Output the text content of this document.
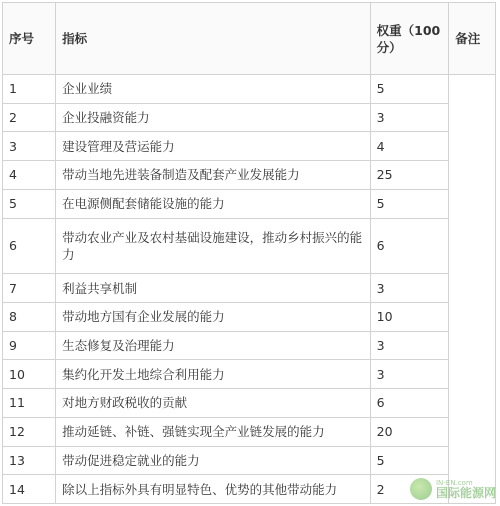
序号	指标	权重（100分）	备注
1	企业业绩	5	
2	企业投融资能力	3	
3	建设管理及营运能力	4	
4	带动当地先进装备制造及配套产业发展能力	25	
5	在电源侧配套储能设施的能力	5	
6	带动农业产业及农村基础设施建设，推动乡村振兴的能力	6	
7	利益共享机制	3	
8	带动地方国有企业发展的能力	10	
9	生态修复及治理能力	3	
10	集约化开发土地综合利用能力	3	
11	对地方财政税收的贡献	6	
12	推动延链、补链、强链实现全产业链发展的能力	20	
13	带动促进稳定就业的能力	5	
14	除以上指标外具有明显特色、优势的其他带动能力	2		IN-EN.com
国际能源网
